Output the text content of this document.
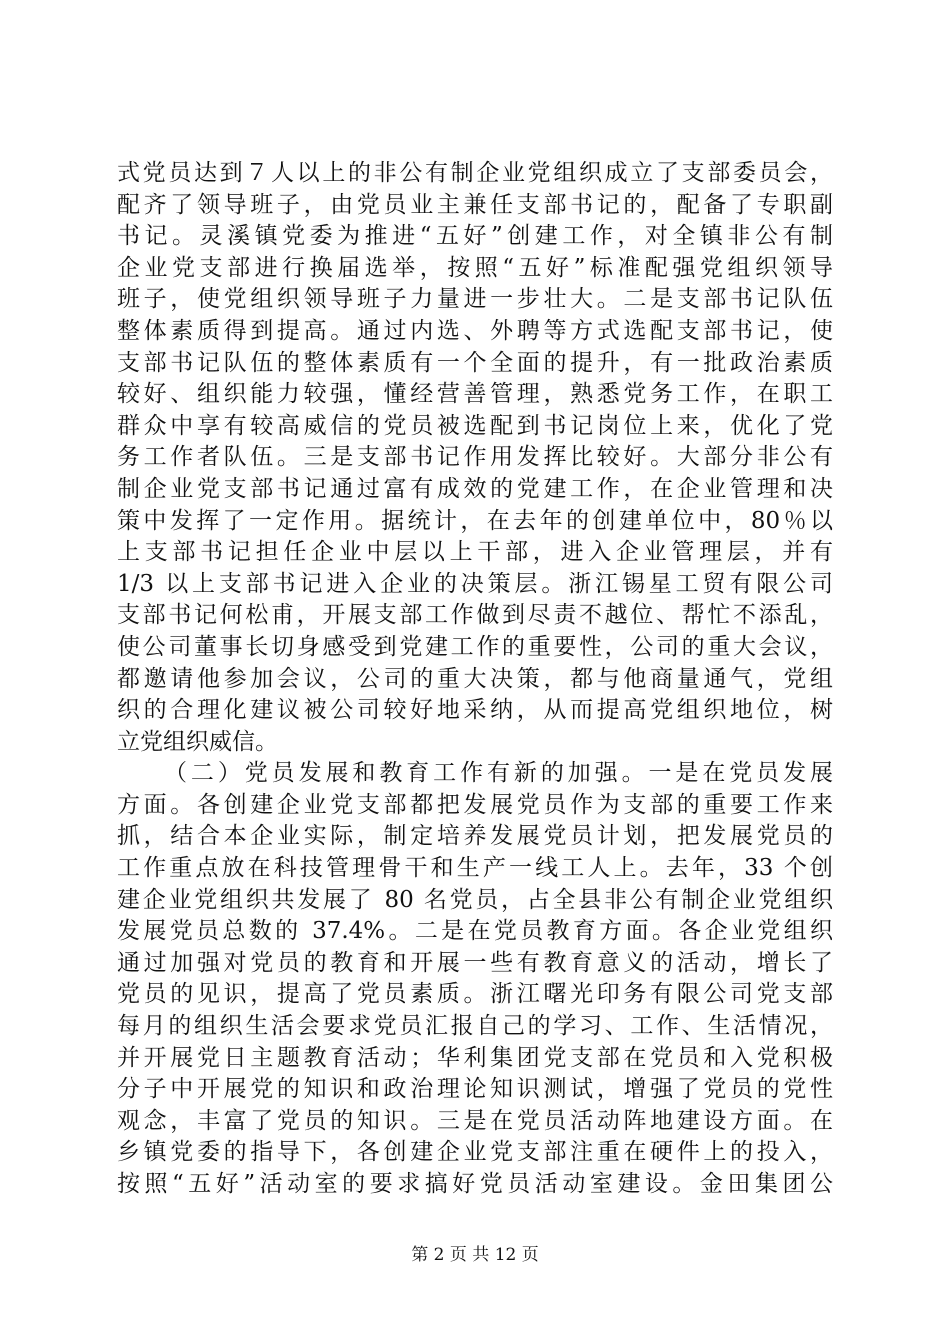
式党员达到７人以上的非公有制企业党组织成立了支部委员会，
配齐了领导班子，由党员业主兼任支部书记的，配备了专职副
书记。灵溪镇党委为推进“五好”创建工作，对全镇非公有制
企业党支部进行换届选举，按照“五好”标准配强党组织领导
班子，使党组织领导班子力量进一步壮大。二是支部书记队伍
整体素质得到提高。通过内选、外聘等方式选配支部书记，使
支部书记队伍的整体素质有一个全面的提升，有一批政治素质
较好、组织能力较强，懂经营善管理，熟悉党务工作，在职工
群众中享有较高威信的党员被选配到书记岗位上来，优化了党
务工作者队伍。三是支部书记作用发挥比较好。大部分非公有
制企业党支部书记通过富有成效的党建工作，在企业管理和决
策中发挥了一定作用。据统计，在去年的创建单位中，80％以
上支部书记担任企业中层以上干部，进入企业管理层，并有
1/3 以上支部书记进入企业的决策层。浙江锡星工贸有限公司
支部书记何松甫，开展支部工作做到尽责不越位、帮忙不添乱，
使公司董事长切身感受到党建工作的重要性，公司的重大会议，
都邀请他参加会议，公司的重大决策，都与他商量通气，党组
织的合理化建议被公司较好地采纳，从而提高党组织地位，树
立党组织威信。
（二）党员发展和教育工作有新的加强。一是在党员发展
方面。各创建企业党支部都把发展党员作为支部的重要工作来
抓，结合本企业实际，制定培养发展党员计划，把发展党员的
工作重点放在科技管理骨干和生产一线工人上。去年，33 个创
建企业党组织共发展了 80 名党员，占全县非公有制企业党组织
发展党员总数的 37.4%。二是在党员教育方面。各企业党组织
通过加强对党员的教育和开展一些有教育意义的活动，增长了
党员的见识，提高了党员素质。浙江曙光印务有限公司党支部
每月的组织生活会要求党员汇报自己的学习、工作、生活情况，
并开展党日主题教育活动；华利集团党支部在党员和入党积极
分子中开展党的知识和政治理论知识测试，增强了党员的党性
观念，丰富了党员的知识。三是在党员活动阵地建设方面。在
乡镇党委的指导下，各创建企业党支部注重在硬件上的投入，
按照“五好”活动室的要求搞好党员活动室建设。金田集团公
第 2 页 共 12 页
